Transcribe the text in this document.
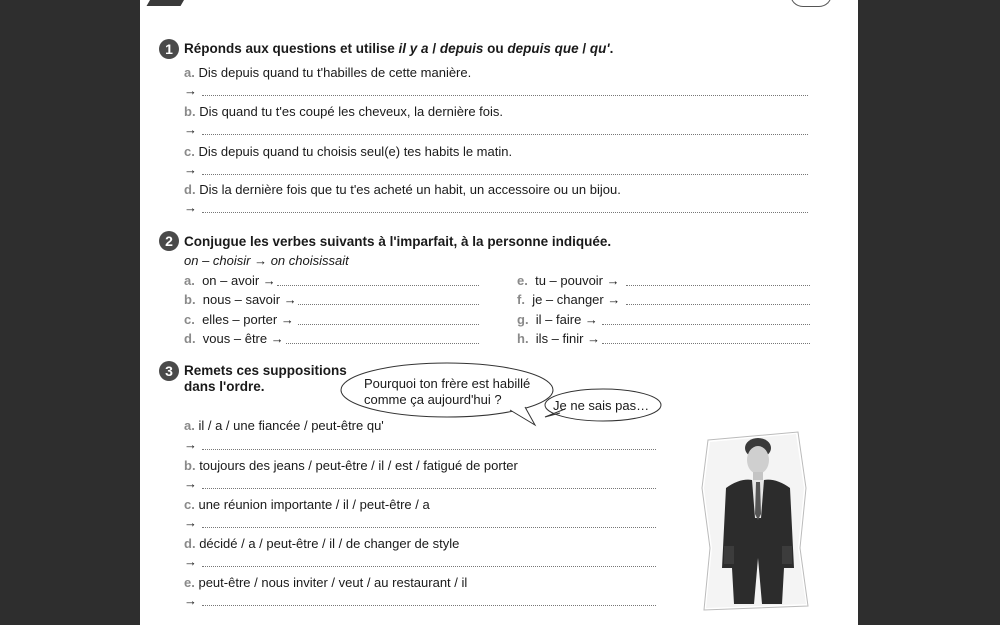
1 Réponds aux questions et utilise il y a / depuis ou depuis que / qu'.
a. Dis depuis quand tu t'habilles de cette manière.
→
b. Dis quand tu t'es coupé les cheveux, la dernière fois.
→
c. Dis depuis quand tu choisis seul(e) tes habits le matin.
→
d. Dis la dernière fois que tu t'es acheté un habit, un accessoire ou un bijou.
→
2 Conjugue les verbes suivants à l'imparfait, à la personne indiquée.
on – choisir → on choisissait
a. on – avoir →
b. nous – savoir →
c. elles – porter →
d. vous – être →
e. tu – pouvoir →
f. je – changer →
g. il – faire →
h. ils – finir →
3 Remets ces suppositions
dans l'ordre.	Pourquoi ton frère est habillé
comme ça aujourd'hui ?	Je ne sais pas…
a. il / a / une fiancée / peut-être qu'
→
b. toujours des jeans / peut-être / il / est / fatigué de porter
→
c. une réunion importante / il / peut-être / a
→
d. décidé / a / peut-être / il / de changer de style
→
e. peut-être / nous inviter / veut / au restaurant / il
→
